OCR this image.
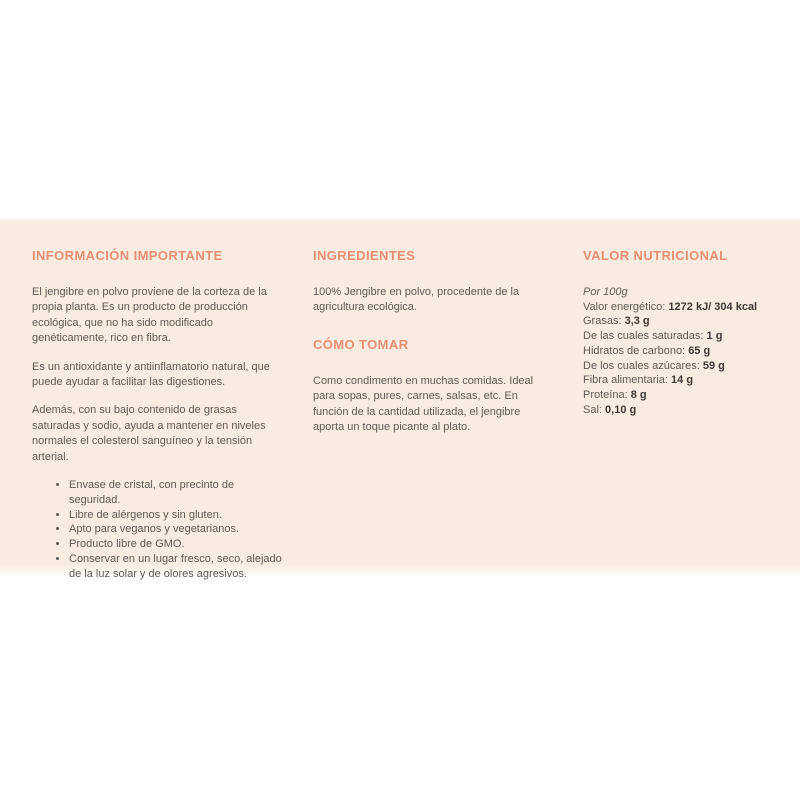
INFORMACIÓN IMPORTANTE

El jengibre en polvo proviene de la corteza de la propia planta. Es un producto de producción ecológica, que no ha sido modificado genéticamente, rico en fibra.

Es un antioxidante y antiinflamatorio natural, que puede ayudar a facilitar las digestiones.

Además, con su bajo contenido de grasas saturadas y sodio, ayuda a mantener en niveles normales el colesterol sanguíneo y la tensión arterial.

• Envase de cristal, con precinto de seguridad.
• Libre de alérgenos y sin gluten.
• Apto para veganos y vegetarianos.
• Producto libre de GMO.
• Conservar en un lugar fresco, seco, alejado de la luz solar y de olores agresivos.
INGREDIENTES

100% Jengibre en polvo, procedente de la agricultura ecológica.

CÓMO TOMAR

Como condimento en muchas comidas. Ideal para sopas, pures, carnes, salsas, etc. En función de la cantidad utilizada, el jengibre aporta un toque picante al plato.

VALOR NUTRICIONAL
Por 100g
Valor energético: 1272 kJ/ 304 kcal
Grasas: 3,3 g
De las cuales saturadas: 1 g
Hidratos de carbono: 65 g
De los cuales azúcares: 59 g
Fibra alimentaria: 14 g
Proteína: 8 g
Sal: 0,10 g
